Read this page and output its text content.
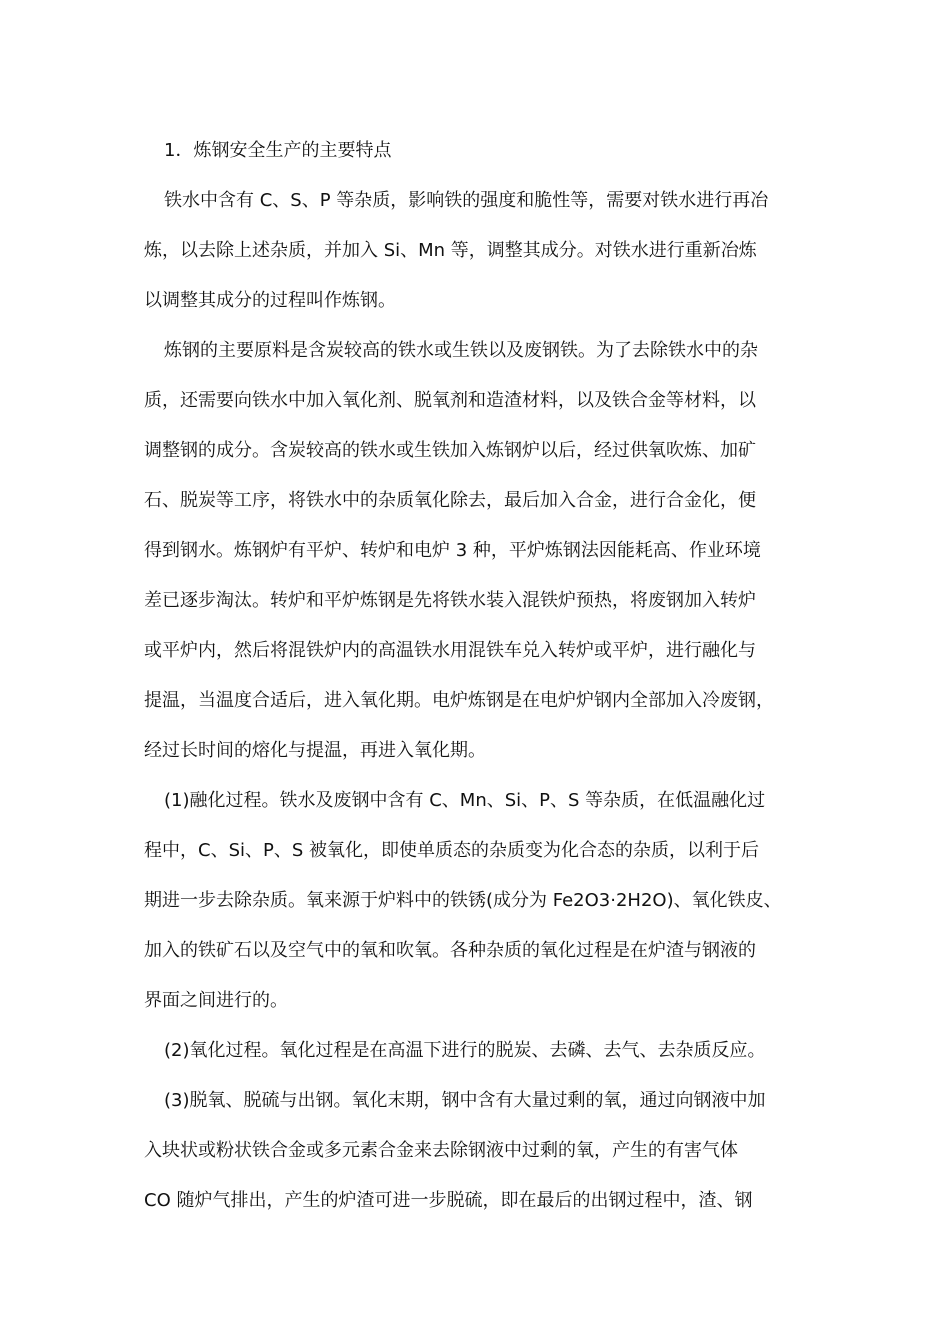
1．炼钢安全生产的主要特点

铁水中含有 C、S、P 等杂质，影响铁的强度和脆性等，需要对铁水进行再冶
炼，以去除上述杂质，并加入 Si、Mn 等，调整其成分。对铁水进行重新冶炼
以调整其成分的过程叫作炼钢。
炼钢的主要原料是含炭较高的铁水或生铁以及废钢铁。为了去除铁水中的杂
质，还需要向铁水中加入氧化剂、脱氧剂和造渣材料，以及铁合金等材料，以
调整钢的成分。含炭较高的铁水或生铁加入炼钢炉以后，经过供氧吹炼、加矿
石、脱炭等工序，将铁水中的杂质氧化除去，最后加入合金，进行合金化，便
得到钢水。炼钢炉有平炉、转炉和电炉 3 种，平炉炼钢法因能耗高、作业环境
差已逐步淘汰。转炉和平炉炼钢是先将铁水装入混铁炉预热，将废钢加入转炉
或平炉内，然后将混铁炉内的高温铁水用混铁车兑入转炉或平炉，进行融化与
提温，当温度合适后，进入氧化期。电炉炼钢是在电炉炉钢内全部加入冷废钢，
经过长时间的熔化与提温，再进入氧化期。
(1)融化过程。铁水及废钢中含有 C、Mn、Si、P、S 等杂质，在低温融化过
程中，C、Si、P、S 被氧化，即使单质态的杂质变为化合态的杂质，以利于后
期进一步去除杂质。氧来源于炉料中的铁锈(成分为 Fe2O3·2H2O)、氧化铁皮、
加入的铁矿石以及空气中的氧和吹氧。各种杂质的氧化过程是在炉渣与钢液的
界面之间进行的。
(2)氧化过程。氧化过程是在高温下进行的脱炭、去磷、去气、去杂质反应。
(3)脱氧、脱硫与出钢。氧化末期，钢中含有大量过剩的氧，通过向钢液中加
入块状或粉状铁合金或多元素合金来去除钢液中过剩的氧，产生的有害气体
CO 随炉气排出，产生的炉渣可进一步脱硫，即在最后的出钢过程中，渣、钢
